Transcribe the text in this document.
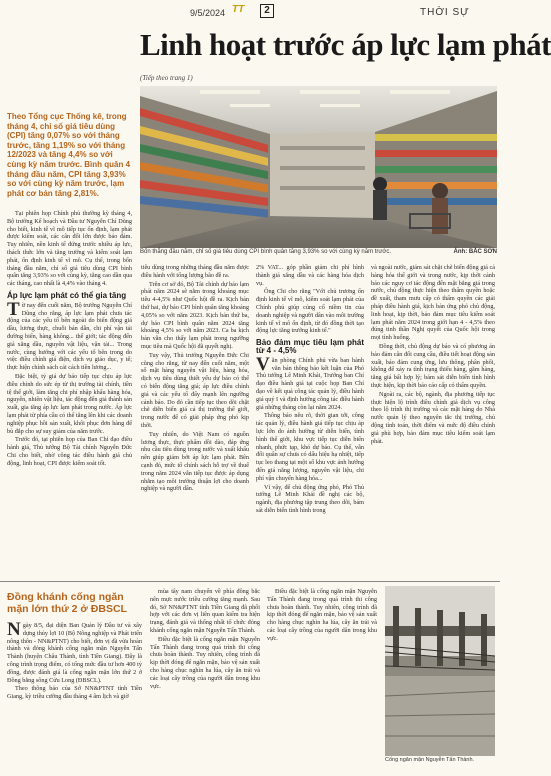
9/5/2024 TT	2	THỜI SỰ
Linh hoạt trước áp lực lạm phát
(Tiếp theo trang 1)
Bốn thắng đầu năm, chỉ số giá tiêu dùng CPI bình quân tăng 3,93% so với cùng kỳ năm trước.	Ảnh: BẮC SƠN
Theo Tổng cục Thống kê, trong tháng 4, chỉ số giá tiêu dùng (CPI) tăng 0,07% so với tháng trước, tăng 1,19% so với tháng 12/2023 và tăng 4,4% so với cùng kỳ năm trước. Bình quân 4 tháng đầu năm, CPI tăng 3,93% so với cùng kỳ năm trước, lạm phát cơ bản tăng 2,81%.

Tại phiên họp Chính phủ thường kỳ tháng 4, Bộ trưởng Kế hoạch và Đầu tư Nguyễn Chí Dũng cho biết, kinh tế vĩ mô tiếp tục ổn định, lạm phát được kiểm soát, các cân đối lớn được bảo đảm. Tuy nhiên, nền kinh tế đứng trước nhiều áp lực, thách thức lớn và tăng trưởng và kiểm soát lạm phát, ổn định kinh tế vĩ mô. Cụ thể, trong bốn tháng đầu năm, chỉ số giá tiêu dùng CPI bình quân tăng 3,93% so với cùng kỳ, tăng cao dần qua các tháng, cao nhất là 4,4% vào tháng 4.

Áp lực lạm phát có thể gia tăng

Từ nay đến cuối năm, Bộ trưởng Nguyễn Chí Dũng cho rằng, áp lực lạm phát chưa tác động của các yếu tố bên ngoài do biến động giá dầu, lương thực, chuỗi bán dẫn, chi phí vận tải đường biển, hàng không... thế giới; tác động đến giá xăng dầu, nguyên vật liệu, vận tải... Trong nước, cùng hướng với các yếu tố bên trong do việc điều chỉnh giá điện, dịch vụ giáo dục, y tế; thực hiện chính sách cải cách tiền lương...

Đặc biệt, tỷ giá dự báo tiếp tục chịu áp lực điều chỉnh do sức ép từ thị trường tài chính, tiền tệ thế giới, làm tăng chi phí nhập khẩu hàng hóa, nguyên, nhiên vật liệu, tác động đến giá thành sản xuất, gia tăng áp lực lạm phát trong nước. Áp lực lạm phát từ phía cầu có thể tăng lên khi các doanh nghiệp phục hồi sản xuất, khôi phục đơn hàng để bù đắp cho sự suy giảm của năm trước.

Trước đó, tại phiên họp của Ban Chỉ đạo điều hành giá, Thủ tướng Bộ Tài chính Nguyễn Đức Chi cho biết, nhờ công tác điều hành giá chủ động, linh hoạt, CPI được kiểm soát tốt.

tiêu dùng trong những tháng đầu năm được điều hành với tổng lượng bão đề ra.

Trên cơ sở đó, Bộ Tài chính dự báo lạm phát năm 2024 sẽ nằm trong khoảng mục tiêu 4-4,5% như Quốc hội đề ra. Kịch bản thứ hai, dự báo CPI bình quân tăng khoảng 4,05% so với năm 2023. Kịch bản thứ ba, dự báo CPI bình quân năm 2024 tăng khoảng 4,5% so với năm 2023. Ca ba kịch bản vẫn cho thấy lạm phát trong ngưỡng mục tiêu mà Quốc hội đã quyết nghị.

Tuy vậy, Thủ trưởng Nguyễn Đức Chi cũng cho rằng, từ nay đến cuối năm, một số mặt hàng nguyên vật liệu, hàng hóa, dịch vụ tiêu dùng thiết yếu dự báo có thể có biến động tăng giá; áp lực điều chỉnh giá và các yếu tố đẩy mạnh lên ngưỡng cảnh báo. Do đó cần tiếp tục theo dõi chặt chẽ diễn biến giá cả thị trường thế giới, trong nước để có giải pháp ứng phó kịp thời.

Tuy nhiên, do Việt Nam có nguồn lương thực, thực phẩm dồi dào, đáp ứng nhu cầu tiêu dùng trong nước và xuất khẩu nên giúp giảm bớt áp lực lạm phát. Bên cạnh đó, mức tổ chính sách hỗ trợ về thuế trong năm 2024 vẫn tiếp tục được áp dụng nhằm tạo môi trường thuận lợi cho doanh nghiệp và người dân.

2% VAT... góp phần giảm chi phí hình thành giá xăng dầu và các hàng hóa dịch vụ.

Ông Chi cho rằng "Với chủ trương ổn định kinh tế vĩ mô, kiểm soát lạm phát của Chính phủ giúp củng cố niềm tin của doanh nghiệp và người dân vào môi trường kinh tế vĩ mô ổn định, từ đó đồng thời tạo động lực tăng trưởng kinh tế."

Bảo đảm mục tiêu lạm phát từ 4 - 4,5%

Văn phòng Chính phủ vừa ban hành văn bản thông báo kết luận của Phó Thủ tướng Lê Minh Khái, Trưởng ban Chỉ đạo điều hành giá tại cuộc họp Ban Chỉ đạo về kết quả công tác quản lý, điều hành giá quý I và định hướng công tác điều hành giá những tháng còn lại năm 2024.

Thông báo nêu rõ, thời gian tới, công tác quản lý, điều hành giá tiếp tục chịu áp lực lớn do ảnh hưởng từ diễn biến, tình hình thế giới, khu vực tiếp tục diễn biến nhanh, phức tạp, khó dự báo. Cụ thể, vẫn đối quân sự chưa có dấu hiệu hạ nhiệt, tiếp tục leo thang tại một số khu vực ảnh hưởng đến giá năng lượng, nguyên vật liệu, chi phí vận chuyển hàng hóa...

Vì vậy, để chủ động ứng phó, Phó Thủ tướng Lê Minh Khái đề nghị các bộ, ngành, địa phương tập trung theo dõi, bám sát diễn biến tình hình trong

và ngoài nước, giám sát chặt chẽ biến động giá cả hàng hóa thế giới và trong nước, kịp thời cảnh báo các nguy cơ tác động đến mặt bằng giá trong nước, chủ động thực hiện theo thẩm quyền hoặc đề xuất, tham mưu cấp có thẩm quyền các giải pháp điều hành giá, kịch bản ứng phó chủ động, linh hoạt, kịp thời, bảo đảm mục tiêu kiểm soát lạm phát năm 2024 trong giới hạn 4 - 4,5% theo đúng tinh thần Nghị quyết của Quốc hội trong mọi tình huống.

Đồng thời, chủ động dự báo và có phương án bảo đảm cân đối cung cầu, điều tiết hoạt động sản xuất, bảo đảm cung ứng, lưu thông, phân phối, không để xảy ra tình trạng thiếu hàng, găm hàng, tăng giá bất hợp lý; bám sát diễn biến tình hình thực hiện, kịp thời báo cáo cấp có thẩm quyền.

Ngoài ra, các bộ, ngành, địa phương tiếp tục thực hiện lộ trình điều chỉnh giá dịch vụ công theo lộ trình thị trường và các mặt hàng do Nhà nước quản lý theo nguyên tắc thị trường, chủ động tính toán, thời điểm và mức độ điều chỉnh giá phù hợp, bảo đảm mục tiêu kiểm soát lạm phát.

Đồng khánh cống ngăn mặn lớn thứ 2 ở ĐBSCL

Ngày 8/5, đại diện Ban Quản lý Đầu tư và xây dựng thủy lợi 10 (Bộ Nông nghiệp và Phát triển nông thôn - NN&PTNT) cho biết, đơn vị đã vừa hoàn thành và đóng khánh cống ngăn mặn Nguyễn Tấn Thành (huyện Châu Thành, tỉnh Tiền Giang). Đây là công trình trọng điểm, có tổng mức đầu tư hơn 400 tỷ đồng, được đánh giá là cống ngăn mặn lớn thứ 2 ở Đồng bằng sông Cửu Long (ĐBSCL).

Theo thông báo của Sở NN&PTNT tỉnh Tiền Giang, kỳ triều cường đầu tháng 4 âm lịch và giờ

mùa tây nam chuyển về phía đông bắc nên mực nước triều cường tăng mạnh. Sau đó, Sở NN&PTNT tỉnh Tiền Giang đã phối hợp với các đơn vị liên quan kiểm tra hiện trạng, đánh giá và thống nhất tổ chức đóng khánh cống ngăn mặn Nguyễn Tấn Thành.

Điều đặc biệt là cống ngăn mặn Nguyễn Tấn Thành đang trong quá trình thi công chưa hoàn thành. Tuy nhiên, công trình đã kịp thời đóng để ngăn mặn, bảo vệ sản xuất cho hàng chục nghìn ha lúa, cây ăn trái và các loại cây trồng của người dân trong khu vực.

Điều đặc biệt là cống ngăn mặn Nguyễn Tấn Thành đang trong quá trình thi công chưa hoàn thành. Tuy nhiên, công trình đã kịp thời đóng để ngăn mặn, bảo vệ sản xuất cho hàng chục nghìn ha lúa, cây ăn trái và các loại cây trồng của người dân trong khu vực.

Cống ngăn mặn Nguyễn Tấn Thành.
